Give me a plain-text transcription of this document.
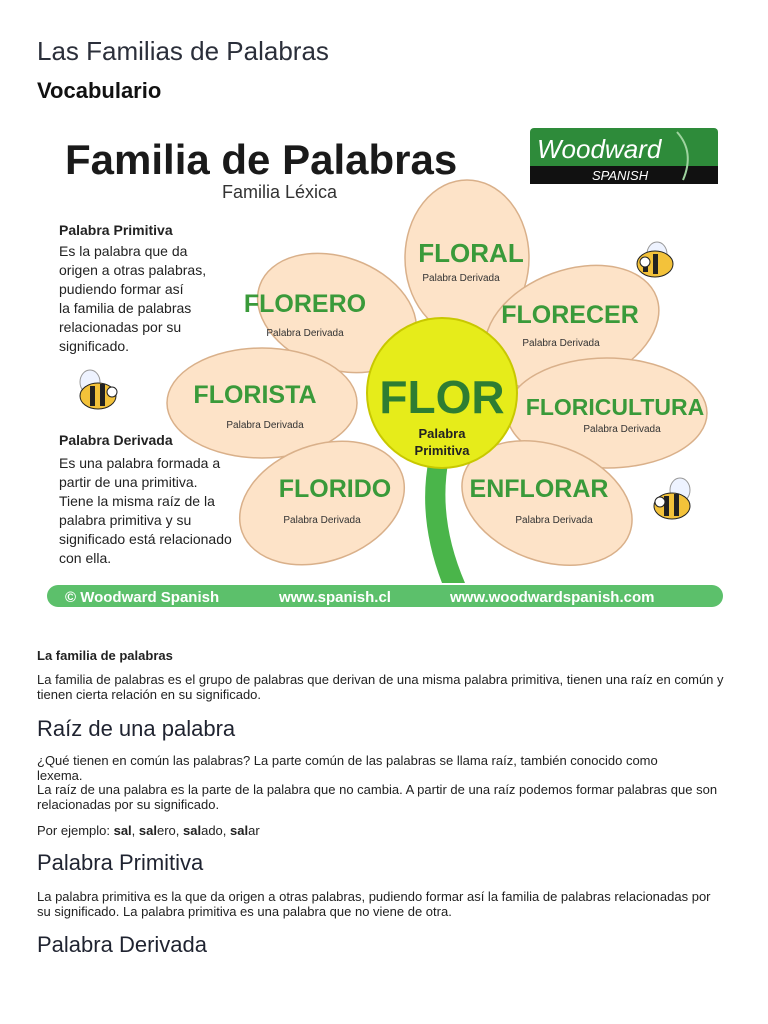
Las Familias de Palabras
Vocabulario
Familia de Palabras
Familia Léxica
Woodward
SPANISH
Palabra Primitiva
Es la palabra que da
origen a otras palabras,
pudiendo formar así
la familia de palabras
relacionadas por su
significado.
Palabra Derivada
Es una palabra formada a
partir de una primitiva.
Tiene la misma raíz de la
palabra primitiva y su
significado está relacionado
con ella.
FLOR
Palabra
Primitiva
FLORAL
FLORERO	FLORECER
FLORISTA	FLORICULTURA
FLORIDO	ENFLORAR
Palabra Derivada
Palabra Derivada
Palabra Derivada
Palabra Derivada	Palabra Derivada
Palabra Derivada	Palabra Derivada
© Woodward Spanish	www.spanish.cl	www.woodwardspanish.com
La familia de palabras
La familia de palabras es el grupo de palabras que derivan de una misma palabra primitiva, tienen una raíz en común y tienen cierta relación en su significado.
Raíz de una palabra
¿Qué tienen en común las palabras? La parte común de las palabras se llama raíz, también conocido como
lexema.
La raíz de una palabra es la parte de la palabra que no cambia. A partir de una raíz podemos formar palabras que son relacionadas por su significado.
Por ejemplo: sal, salero, salado, salar
Palabra Primitiva
La palabra primitiva es la que da origen a otras palabras, pudiendo formar así la familia de palabras relacionadas por su significado. La palabra primitiva es una palabra que no viene de otra.
Palabra Derivada
